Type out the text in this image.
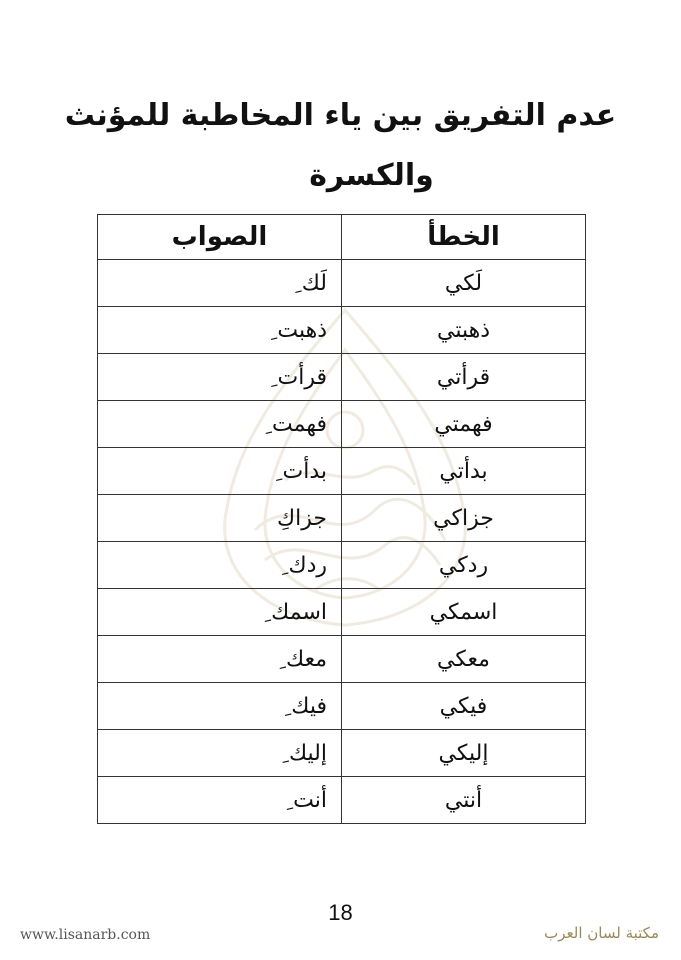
عدم التفريق بين ياء المخاطبة للمؤنث
والكسرة
الخطأ	الصواب
لَكي	لَك ِ
ذهبتي	ذهبت ِ
قرأتي	قرأت ِ
فهمتي	فهمت ِ
بدأتي	بدأت ِ
جزاكي	جزاكِ
ردكي	ردك ِ
اسمكي	اسمك ِ
معكي	معك ِ
فيكي	فيك ِ
إليكي	إليك ِ
أنتي	أنت ِ
18
www.lisanarb.com	مكتبة لسان العرب
